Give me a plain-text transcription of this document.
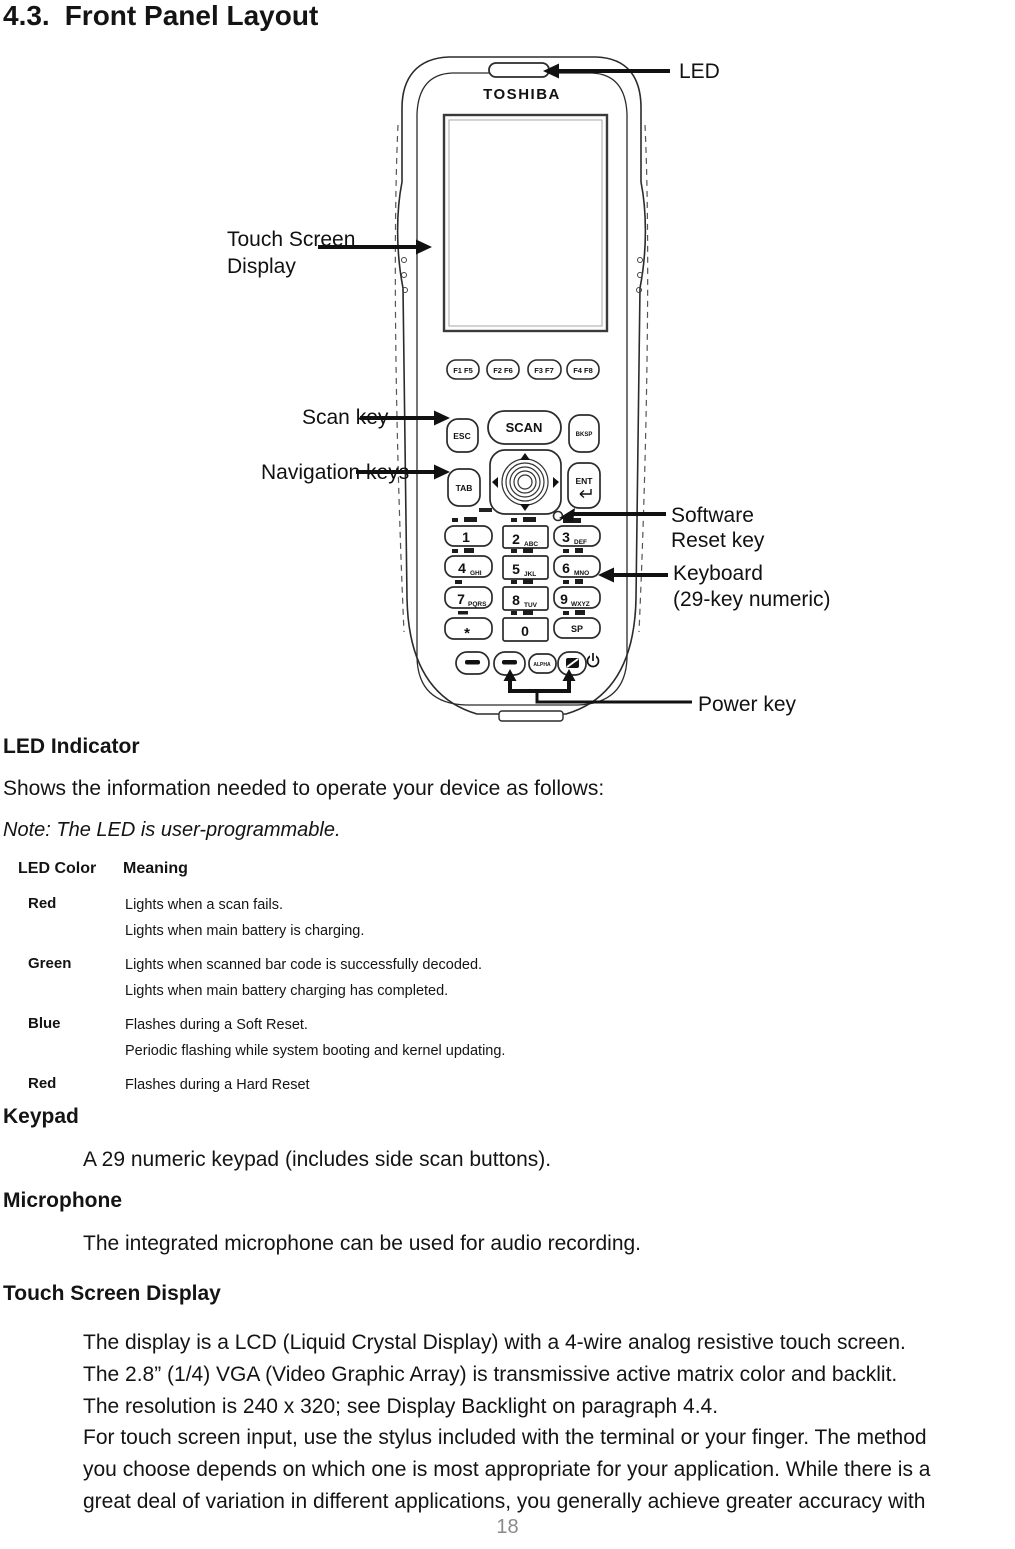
4.3. Front Panel Layout
TOSHIBA
F1 F5	F2 F6	F3 F7	F4 F8
ESC
SCAN	BKSP
TAB
ENT
1	2 ABC 3 DEF
4 GHI 5 JKL 6 MNO
7 PQRS 8 TUV 9 WXYZ
*	0	SP
ALPHA
LED
Touch Screen
Display
Scan key
Navigation keys
Software
Reset key
Keyboard
(29-key numeric)
Power key
LED Indicator
Shows the information needed to operate your device as follows:
Note: The LED is user-programmable.
LED Color Meaning
Red	Lights when a scan fails.
Lights when main battery is charging.
Green	Lights when scanned bar code is successfully decoded.
Lights when main battery charging has completed.
Blue	Flashes during a Soft Reset.
Periodic flashing while system booting and kernel updating.
Red	Flashes during a Hard Reset
Keypad
A 29 numeric keypad (includes side scan buttons).
Microphone
The integrated microphone can be used for audio recording.
Touch Screen Display
The display is a LCD (Liquid Crystal Display) with a 4-wire analog resistive touch screen.
The 2.8” (1/4) VGA (Video Graphic Array) is transmissive active matrix color and backlit.
The resolution is 240 x 320; see Display Backlight on paragraph 4.4.
For touch screen input, use the stylus included with the terminal or your finger. The method
you choose depends on which one is most appropriate for your application. While there is a
great deal of variation in different applications, you generally achieve greater accuracy with
18
